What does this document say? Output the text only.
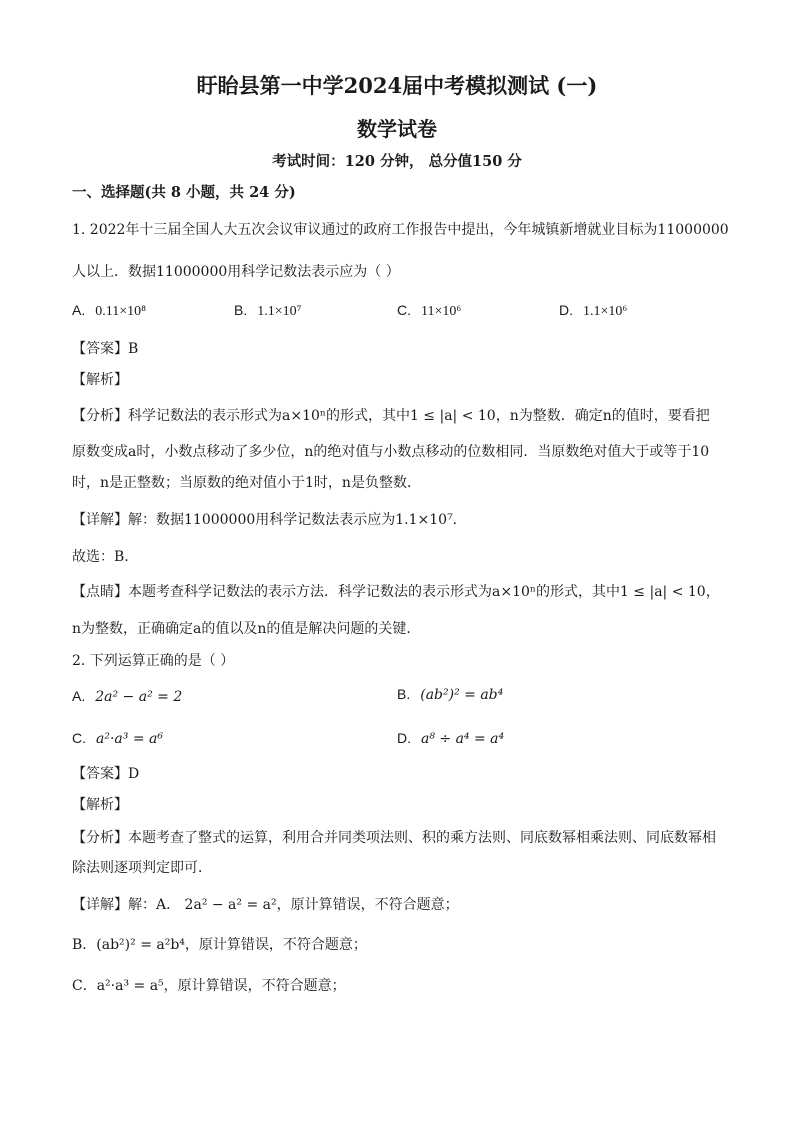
盱眙县第一中学2024届中考模拟测试 (一)
数学试卷
考试时间：120 分钟， 总分值150 分
一、选择题(共 8 小题，共 24 分)
1. 2022年十三届全国人大五次会议审议通过的政府工作报告中提出，今年城镇新增就业目标为11000000
人以上．数据11000000用科学记数法表示应为（ ）
A. 0.11×10⁸	B. 1.1×10⁷	C. 11×10⁶	D. 1.1×10⁶
【答案】B
【解析】
【分析】科学记数法的表示形式为a×10ⁿ的形式，其中1 ≤ |a| < 10，n为整数．确定n的值时，要看把
原数变成a时，小数点移动了多少位，n的绝对值与小数点移动的位数相同．当原数绝对值大于或等于10
时，n是正整数；当原数的绝对值小于1时，n是负整数．
【详解】解：数据11000000用科学记数法表示应为1.1×10⁷．
故选：B.
【点睛】本题考查科学记数法的表示方法．科学记数法的表示形式为a×10ⁿ的形式，其中1 ≤ |a| < 10，
n为整数，正确确定a的值以及n的值是解决问题的关键．
2. 下列运算正确的是（ ）
A. 2a² − a² = 2	B. (ab²)² = ab⁴
C. a²·a³ = a⁶	D. a⁸ ÷ a⁴ = a⁴
【答案】D
【解析】
【分析】本题考查了整式的运算，利用合并同类项法则、积的乘方法则、同底数幂相乘法则、同底数幂相
除法则逐项判定即可．
【详解】解：A． 2a² − a² = a²，原计算错误，不符合题意；
B．(ab²)² = a²b⁴，原计算错误，不符合题意；
C．a²·a³ = a⁵，原计算错误，不符合题意；
